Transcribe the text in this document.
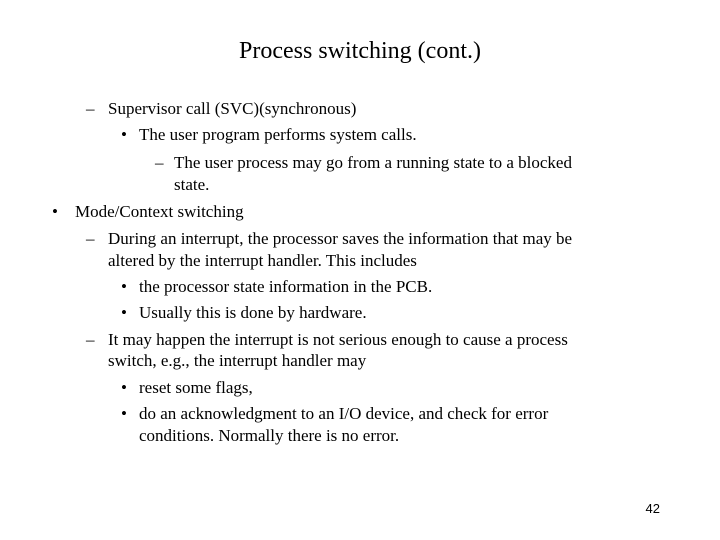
Process switching (cont.)
– Supervisor call (SVC)(synchronous)
• The user program performs system calls.
– The user process may go from a running state to a blocked
state.
• Mode/Context switching
– During an interrupt, the processor saves the information that may be
altered by the interrupt handler. This includes
• the processor state information in the PCB.
• Usually this is done by hardware.
– It may happen the interrupt is not serious enough to cause a process
switch, e.g., the interrupt handler may
• reset some flags,
• do an acknowledgment to an I/O device, and check for error
conditions. Normally there is no error.
42
